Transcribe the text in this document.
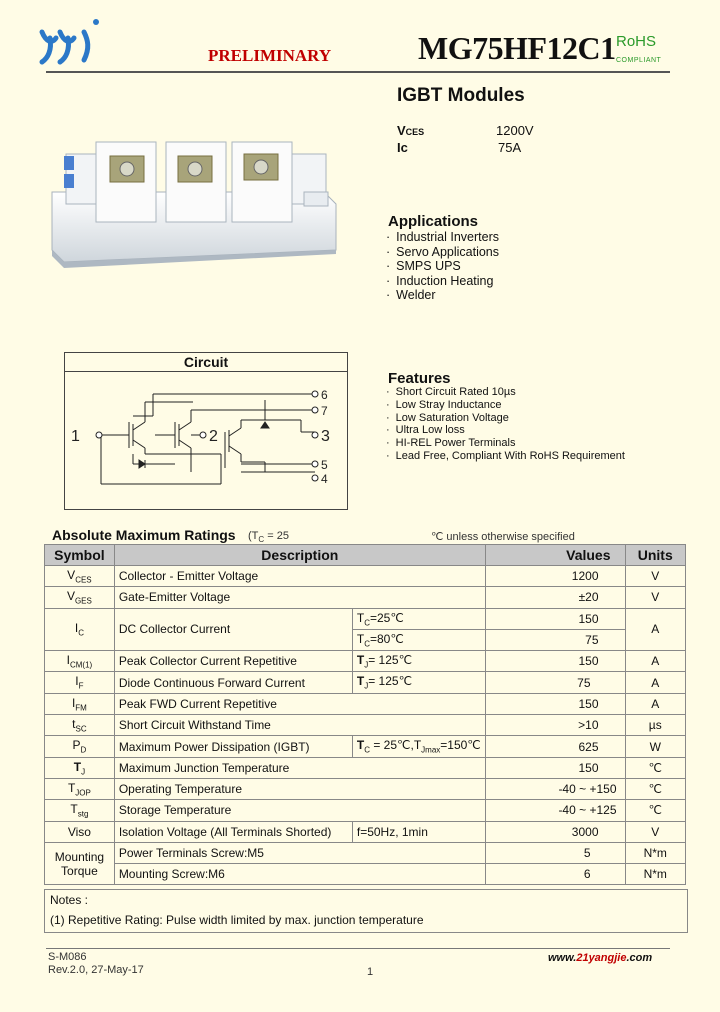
PRELIMINARY	MG75HF12C1 RoHS
COMPLIANT
IGBT Modules
VCES	1200V
Ic	75A
Applications
· Industrial Inverters
· Servo Applications
· SMPS UPS
· Induction Heating
· Welder
Circuit
1	2	3
4
5
6
7
Features
· Short Circuit Rated 10µs
· Low Stray Inductance
· Low Saturation Voltage
· Ultra Low loss
· HI-REL Power Terminals
· Lead Free, Compliant With RoHS Requirement
Absolute Maximum Ratings ($T_C = 25$	℃ unless otherwise specified
Symbol	Description		Values	Units
$V_{CES}$	Collector - Emitter Voltage		1200	V
$V_{GES}$	Gate-Emitter Voltage		±20	V
$I_C$	DC Collector Current	$T_C=25℃$	150	A
		$T_C=80℃$	75	
$I_{CM(1)}$	Peak Collector Current Repetitive	$T_J=$ 125℃	150	A
$I_F$	Diode Continuous Forward Current	$T_J=$ 125℃	75	A
$I_{FM}$	Peak FWD Current Repetitive		150	A
$t_{SC}$	Short Circuit Withstand Time		>10	µs
$P_D$	Maximum Power Dissipation (IGBT)	$T_C$ = $25℃,T_{Jmax}=150℃$	625	W
$T_J$	Maximum Junction Temperature		150	℃
$T_{JOP}$	Operating Temperature		-40 ~ +150	℃
$T_{stg}$	Storage Temperature		-40 ~ +125	℃
Viso	Isolation Voltage (All Terminals Shorted)	f=50Hz, 1min	3000	V
Mounting
Torque	Power Terminals Screw:M5		5	N*m
	Mounting Screw:M6		6	N*m
Notes :
(1) Repetitive Rating: Pulse width limited by max. junction temperature
S-M086
Rev.2.0, 27-May-17	1
www.21yangjie.com
